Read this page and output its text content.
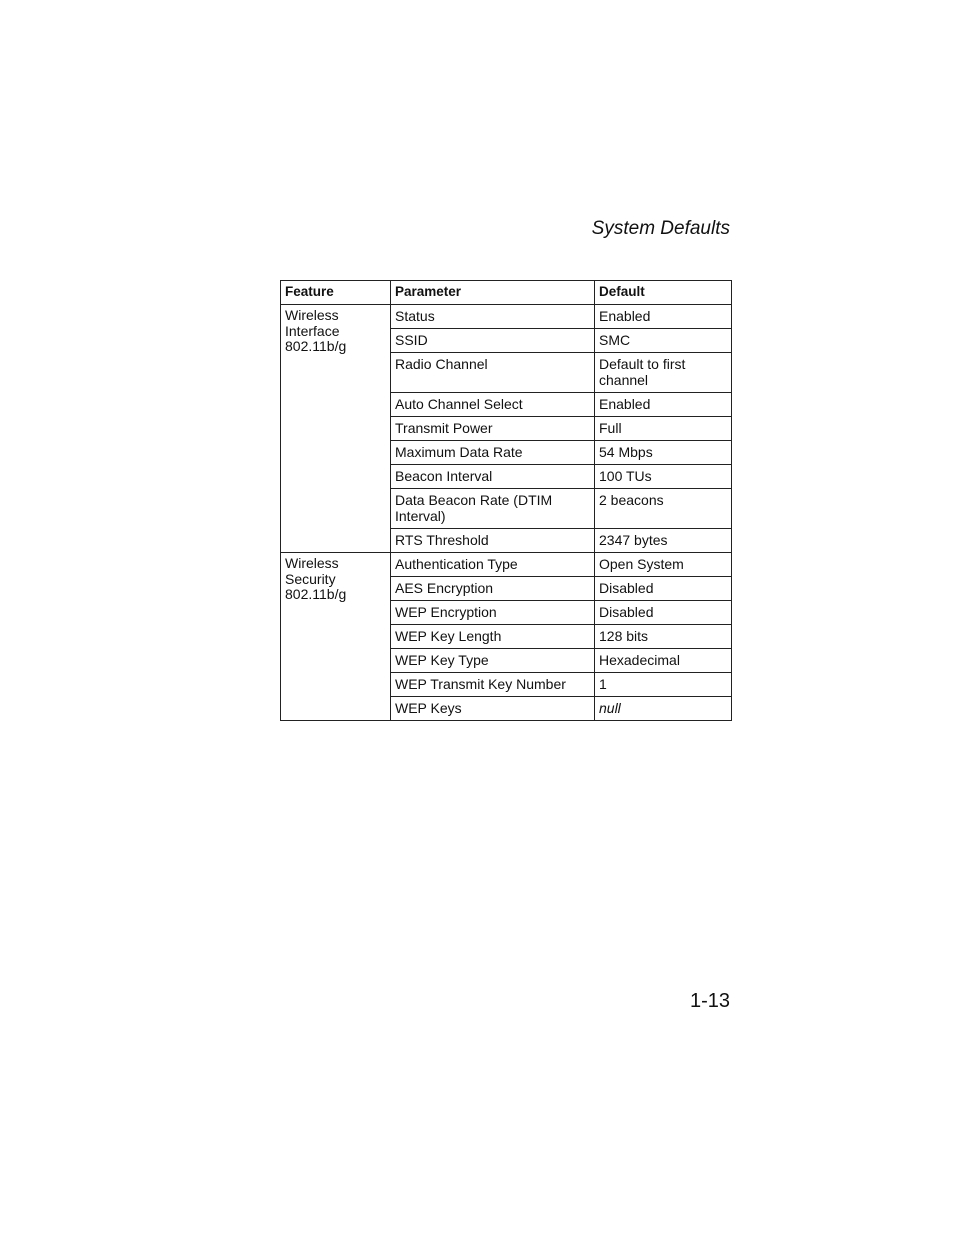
System Defaults
Feature	Parameter	Default
Wireless Interface 802.11b/g	Status	Enabled
	SSID	SMC
	Radio Channel	Default to first channel
	Auto Channel Select	Enabled
	Transmit Power	Full
	Maximum Data Rate	54 Mbps
	Beacon Interval	100 TUs
	Data Beacon Rate (DTIM Interval)	2 beacons
	RTS Threshold	2347 bytes
Wireless Security 802.11b/g	Authentication Type	Open System
	AES Encryption	Disabled
	WEP Encryption	Disabled
	WEP Key Length	128 bits
	WEP Key Type	Hexadecimal
	WEP Transmit Key Number	1
	WEP Keys	null
1-13
